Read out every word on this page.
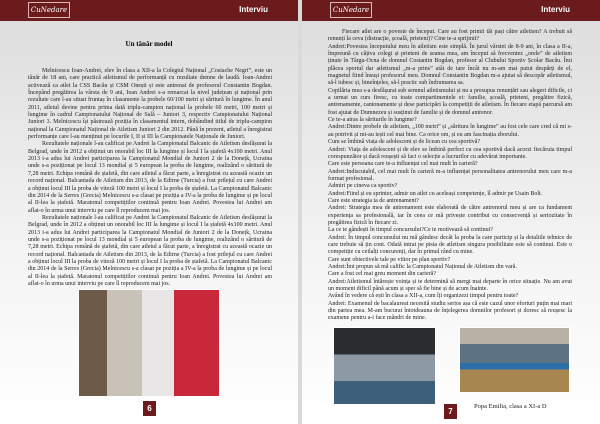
CuNedare	Interviu
Un tânăr model

Melnicescu Ioan-Andrei, elev în clasa a XII-a la Colegiul Național „Costache Negri”, este un tânăr de 18 ani, care practică atletismul de performanță cu rezultate demne de laudă. Ioan-Andrei activează ca atlet la CSS Bacău și CSM Onești și este antrenat de profesorul Constantin Bogdan. Începând pregătirea la vârsta de 9 ani, Ioan Andrei s-a remarcat la nivel județean și național prin rezultate care l-au situat fruntaș în clasamente la probele 60/100 metri și săritură în lungime. În anul 2011, atletul devine pentru prima dată triplu-campion național la probele 60 metri, 100 metri și lungime în cadrul Campionatului Național de Sală – Juniori 3, respectiv Campionatului Național Juniori 3. Melnicescu își păstrează poziția în clasamentul intern, dobândind titlul de triplu-campion național la Campionatul Național de Atletism Juniori 2 din 2012. Până în prezent, atletul a înregistrat performanțe care l-au menținut pe locurile I, II și III la Campionatele Naționale de Juniori.

Rezultatele naționale l-au calificat pe Andrei la Campionatul Balcanic de Atletism desfășurat la Belgrad, unde în 2012 a obținut un onorabil loc III la lungime și locul I la ștafetă 4x100 metri. Anul 2013 i-a adus lui Andrei participarea la Campionatul Mondial de Juniori 2 de la Donețk, Ucraina unde s-a poziționat pe locul 13 mondial și 5 european la proba de lungime, realizând o săritură de 7,28 metri. Echipa română de ștafetă, din care atletul a făcut parte, a înregistrat cu această ocazie un record național. Balcaniada de Atletism din 2013, de la Edirne (Turcia) a fost prilejul cu care Andrei a obținut locul III la proba de viteză 100 metri și locul I la proba de ștafetă. La Campionatul Balcanic din 2014 de la Serres (Grecia) Melnicescu s-a clasat pe poziția a IV-a la proba de lungime și pe locul al II-lea la ștafetă. Maratonul competițiilor continuă pentru Ioan Andrei. Povestea lui Andrei am aflat-o în urma unui interviu pe care îl reproducem mai jos.

Rezultatele naționale l-au calificat pe Andrei la Campionatul Balcanic de Atletism desfășurat la Belgrad, unde în 2012 a obținut un onorabil loc III la lungime și locul I la ștafetă 4x100 metri. Anul 2013 i-a adus lui Andrei participarea la Campionatul Mondial de Juniori 2 de la Donețk, Ucraina unde s-a poziționat pe locul 13 mondial și 5 european la proba de lungime, realizând o săritură de 7,28 metri. Echipa română de ștafetă, din care atletul a făcut parte, a înregistrat cu această ocazie un record național. Balcaniada de Atletism din 2013, de la Edirne (Turcia) a fost prilejul cu care Andrei a obținut locul III la proba de viteză 100 metri și locul I la proba de ștafetă. La Campionatul Balcanic din 2014 de la Serres (Grecia) Melnicescu s-a clasat pe poziția a IV-a la proba de lungime și pe locul al II-lea la ștafetă. Maratonul competițiilor continuă pentru Ioan Andrei. Povestea lui Andrei am aflat-o în urma unui interviu pe care îl reproducem mai jos.

6
CuNedare	Interviu

Fiecare atlet are o poveste de început. Care au fost primii tăi pași către atletism? A trebuit să renunți la ceva (distracție, școală, prieteni)? Cine te-a sprijinit?

Andrei:Povestea începutului meu în atletism este simplă. În jurul vârstei de 8-9 ani, în clasa a II-a, împreună cu câțiva colegi și prieteni de seama mea, am început să frecventez „orele” de atletism ținute în Târgu-Ocna de domnul Costantin Bogdan, profesor al Clubului Sportiv Școlar Bacău. Îmi plăcea sportul dar atletismul „m-a prins” atât de tare încât nu m-am mai putut despărți de el, magnetul fiind însuși profesorul meu. Domnul Constantin Bogdan m-a ajutat să descopăr atletismul, să-l iubesc și, bineînțeles, să-l practic sub îndrumarea sa.

Copilăria mea s-a desfășurat sub semnul atletismului și nu a presupus renunțări sau alegeri dificile, ci a urmat un curs firesc, cu toate compartimentele ei: familie, școală, prieteni, pregătire fizică, antrenamente, cantonamente și dese participări la competiții de atletism. În fiecare etapă parcursă am fost ajutat de Dumnezeu și susținut de familie și de domnul antrenor.

Ce te-a atras la săriturile în lungime?

Andrei:Dintre probele de atletism, „100 metri” și „săritura în lungime” au fost cele care cred că mi s-au potrivit și mi-au ieșit cel mai bine. Ca orice om, și eu am fascinația zborului.

Cum se îmbină viața de adolescent și de licean cu cea sportivă?

Andrei: Viața de adolescent și de elev se îmbină perfect cu cea sportivă dacă acorzi fiecăruia timpul corespunzător și dacă reușești să faci o selecție a lucrurilor cu adevărat importante.

Care este persoana care te-a influențat cel mai mult în carieră?

Andrei:Indiscutabil, cel mai mult în carieră m-a influențat personalitatea antrenorului meu care m-a format profesional.

Admiri pe cineva ca sportiv?

Andrei:Fiind și eu sprinter, admir un atlet cu aceleași competențe, îl admir pe Usain Bolt.

Care este strategia ta de antrenament?

Andrei: Strategia mea de antrenament este elaborată de către antrenorul meu și are ca fundament experiența sa profesională, iar în ceea ce mă privește contribui cu consecvență și seriozitate în pregătirea fizică în fiecare zi.

La ce te gândești în timpul concursului?Ce te motivează să continui?

Andrei: În timpul concursului nu mă gândesc decât la proba la care particip și la detaliile tehnice de care trebuie să țin cont. Odată intrat pe pista de atletism singura posibilitate este să continui. Este o competiție cu ceilalți concurenți, dar în primul rând cu mine.

Care sunt obiectivele tale pe viitor pe plan sportiv?

Andrei:Îmi propun să mă calific la Campionatul Național de Atletism din vară.

Care a fost cel mai greu moment din carieră?

Andrei:Atletismul întărește voința și te determină să mergi mai departe în orice situație. Nu am avut un moment dificil până acum și sper să fie bine și de acum înainte.

Având în vedere că ești în clasa a XII-a, cum îți organizezi timpul pentru toate?

Andrei: Examenul de bacalaureat necesită studiu serios așa că este cazul unor eforturi puțin mai mari din partea mea. M-am bucurat întotdeauna de înțelegerea domnilor profesori și doresc să reușesc la examene pentru a-i face mândri de mine.

Popa Emilia, clasa a XI-a D
7
